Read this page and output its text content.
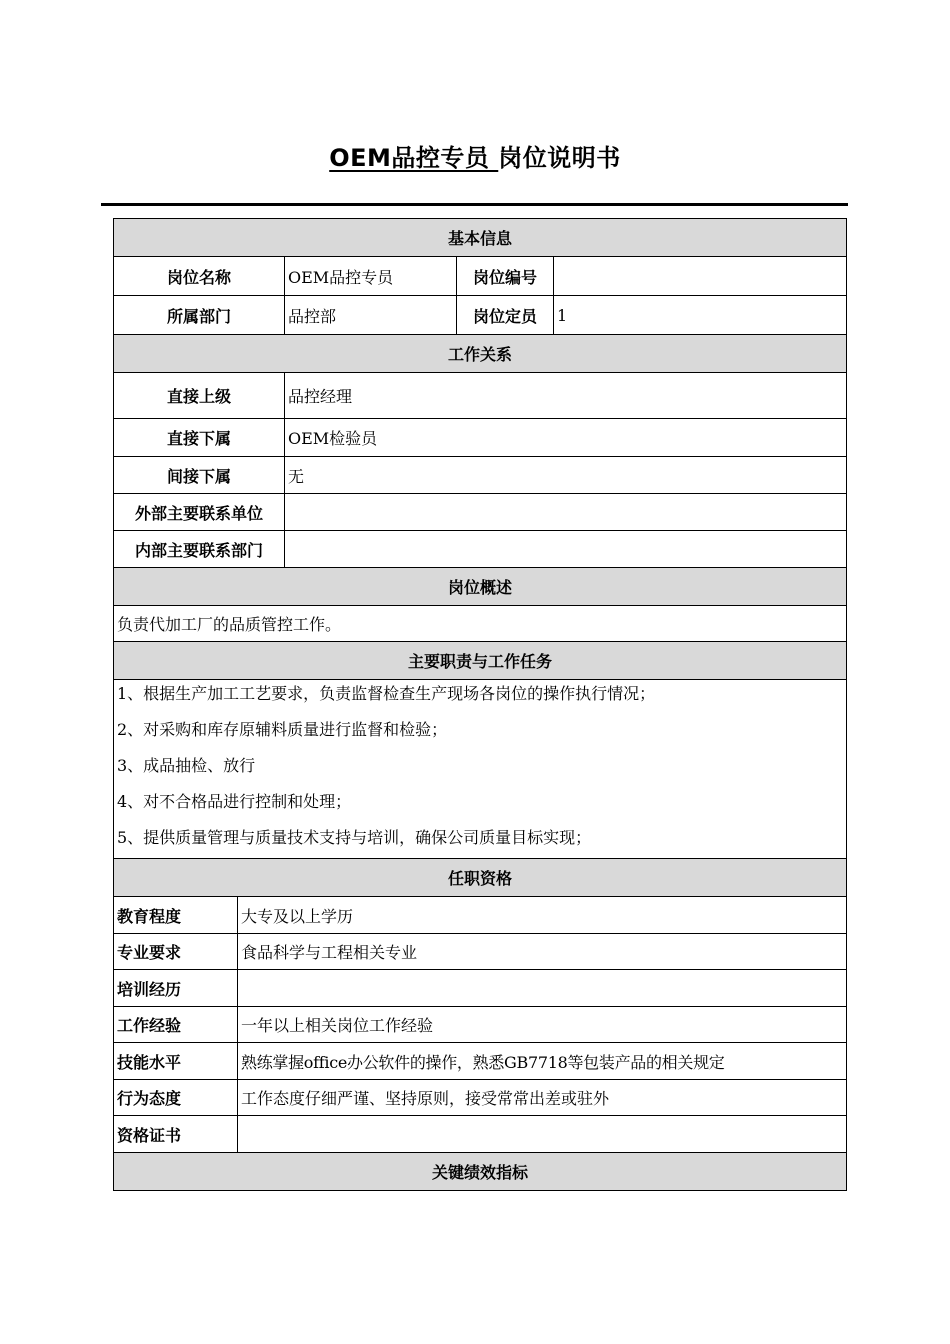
OEM品控专员 岗位说明书
基本信息				
岗位名称		OEM品控专员	岗位编号	
所属部门		品控部	岗位定员	1
工作关系				
直接上级		品控经理		
直接下属		OEM检验员		
间接下属		无		
外部主要联系单位				
内部主要联系部门				
岗位概述				
负责代加工厂的品质管控工作。				
主要职责与工作任务				

1、根据生产加工工艺要求，负责监督检查生产现场各岗位的操作执行情况；
2、对采购和库存原辅料质量进行监督和检验；
3、成品抽检、放行
4、对不合格品进行控制和处理；
5、提供质量管理与质量技术支持与培训，确保公司质量目标实现；				

任职资格				
教育程度	大专及以上学历			
专业要求	食品科学与工程相关专业			
培训经历				
工作经验	一年以上相关岗位工作经验			
技能水平	熟练掌握office办公软件的操作，熟悉GB7718等包装产品的相关规定			
行为态度	工作态度仔细严谨、坚持原则，接受常常出差或驻外			
资格证书				
关键绩效指标				
